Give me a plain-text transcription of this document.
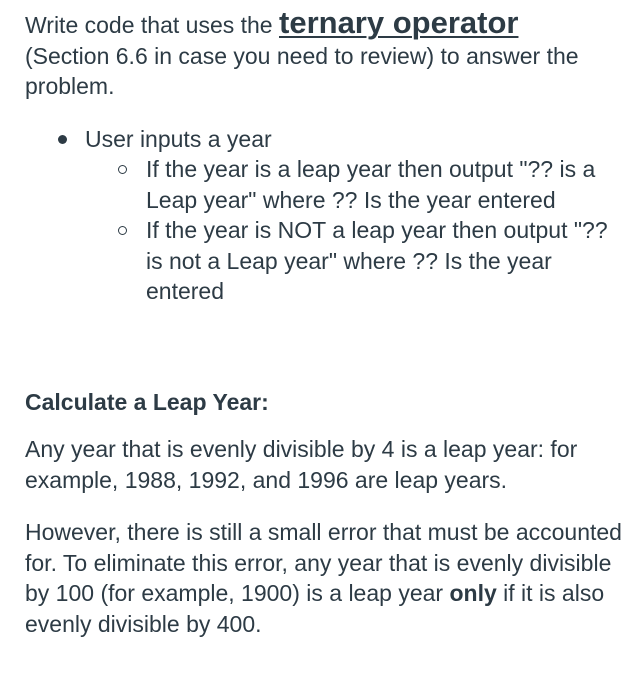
Write code that uses the ternary operator
(Section 6.6 in case you need to review) to answer the problem.

User inputs a year
If the year is a leap year then output "?? is a Leap year" where ?? Is the year entered
If the year is NOT a leap year then output "?? is not a Leap year" where ?? Is the year entered

Calculate a Leap Year:

Any year that is evenly divisible by 4 is a leap year: for example, 1988, 1992, and 1996 are leap years.

However, there is still a small error that must be accounted for. To eliminate this error, any year that is evenly divisible by 100 (for example, 1900) is a leap year only if it is also evenly divisible by 400.
